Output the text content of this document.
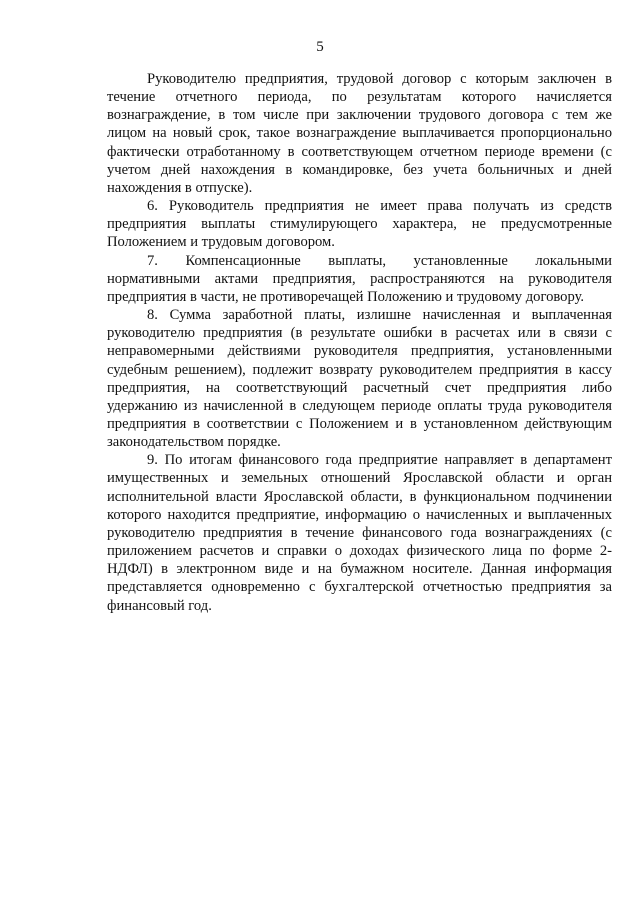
5

Руководителю предприятия, трудовой договор с которым заключен в течение отчетного периода, по результатам которого начисляется вознаграждение, в том числе при заключении трудового договора с тем же лицом на новый срок, такое вознаграждение выплачивается пропорционально фактически отработанному в соответствующем отчетном периоде времени (с учетом дней нахождения в командировке, без учета больничных и дней нахождения в отпуске).

6. Руководитель предприятия не имеет права получать из средств предприятия выплаты стимулирующего характера, не предусмотренные Положением и трудовым договором.

7. Компенсационные выплаты, установленные локальными нормативными актами предприятия, распространяются на руководителя предприятия в части, не противоречащей Положению и трудовому договору.

8. Сумма заработной платы, излишне начисленная и выплаченная руководителю предприятия (в результате ошибки в расчетах или в связи с неправомерными действиями руководителя предприятия, установленными судебным решением), подлежит возврату руководителем предприятия в кассу предприятия, на соответствующий расчетный счет предприятия либо удержанию из начисленной в следующем периоде оплаты труда руководителя предприятия в соответствии с Положением и в установленном действующим законодательством порядке.

9. По итогам финансового года предприятие направляет в департамент имущественных и земельных отношений Ярославской области и орган исполнительной власти Ярославской области, в функциональном подчинении которого находится предприятие, информацию о начисленных и выплаченных руководителю предприятия в течение финансового года вознаграждениях (с приложением расчетов и справки о доходах физического лица по форме 2-НДФЛ) в электронном виде и на бумажном носителе. Данная информация представляется одновременно с бухгалтерской отчетностью предприятия за финансовый год.
